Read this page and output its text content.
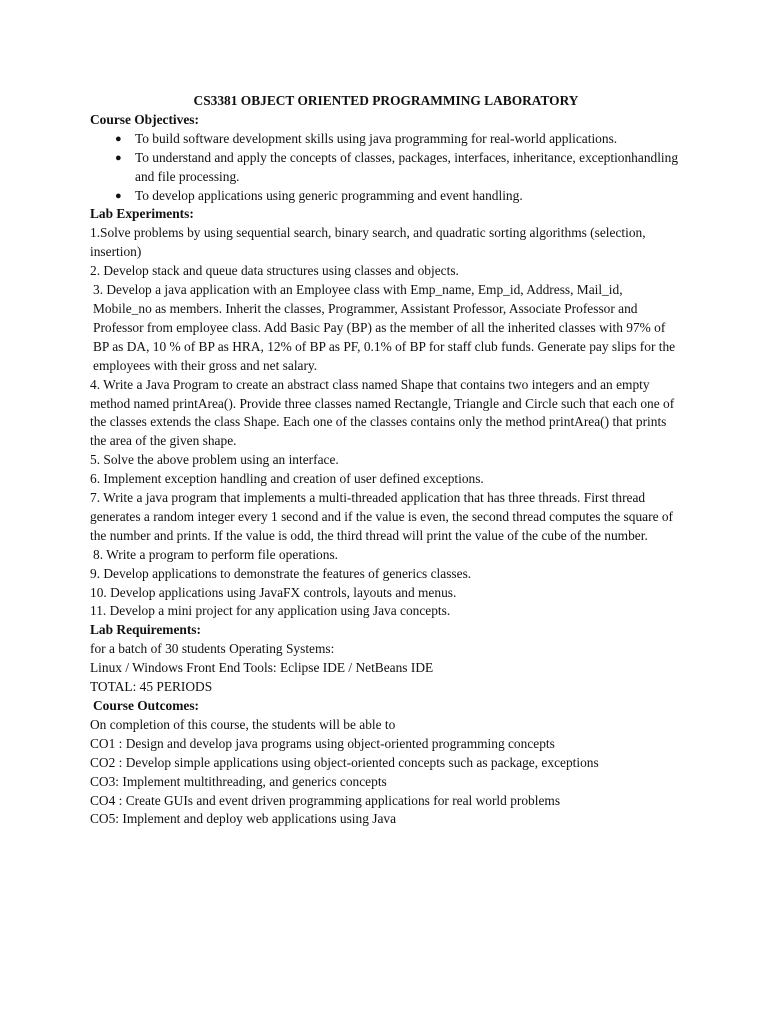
CS3381 OBJECT ORIENTED PROGRAMMING LABORATORY
Course Objectives:
● To build software development skills using java programming for real-world applications.
● To understand and apply the concepts of classes, packages, interfaces, inheritance, exceptionhandling and file processing.
● To develop applications using generic programming and event handling.
Lab Experiments:

1.Solve problems by using sequential search, binary search, and quadratic sorting algorithms (selection, insertion)

2. Develop stack and queue data structures using classes and objects.

3. Develop a java application with an Employee class with Emp_name, Emp_id, Address, Mail_id, Mobile_no as members. Inherit the classes, Programmer, Assistant Professor, Associate Professor and Professor from employee class. Add Basic Pay (BP) as the member of all the inherited classes with 97% of BP as DA, 10 % of BP as HRA, 12% of BP as PF, 0.1% of BP for staff club funds. Generate pay slips for the employees with their gross and net salary.

4. Write a Java Program to create an abstract class named Shape that contains two integers and an empty method named printArea(). Provide three classes named Rectangle, Triangle and Circle such that each one of the classes extends the class Shape. Each one of the classes contains only the method printArea() that prints the area of the given shape.

5. Solve the above problem using an interface.

6. Implement exception handling and creation of user defined exceptions.

7. Write a java program that implements a multi-threaded application that has three threads. First thread generates a random integer every 1 second and if the value is even, the second thread computes the square of the number and prints. If the value is odd, the third thread will print the value of the cube of the number.

8. Write a program to perform file operations.

9. Develop applications to demonstrate the features of generics classes.

10. Develop applications using JavaFX controls, layouts and menus.

11. Develop a mini project for any application using Java concepts.

Lab Requirements:

for a batch of 30 students Operating Systems:

Linux / Windows Front End Tools: Eclipse IDE / NetBeans IDE

TOTAL: 45 PERIODS

Course Outcomes:

On completion of this course, the students will be able to

CO1 : Design and develop java programs using object-oriented programming concepts

CO2 : Develop simple applications using object-oriented concepts such as package, exceptions

CO3: Implement multithreading, and generics concepts

CO4 : Create GUIs and event driven programming applications for real world problems

CO5: Implement and deploy web applications using Java
